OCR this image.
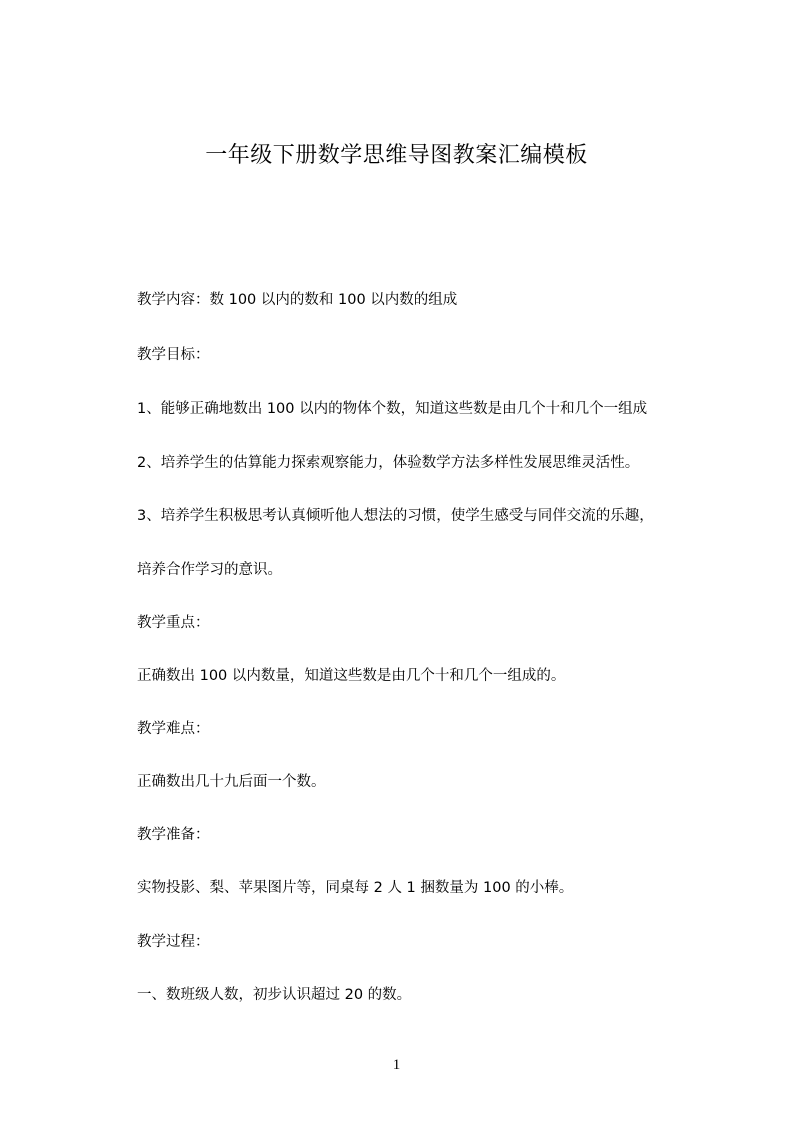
一年级下册数学思维导图教案汇编模板

教学内容：数 100 以内的数和 100 以内数的组成

教学目标：

1、能够正确地数出 100 以内的物体个数，知道这些数是由几个十和几个一组成

2、培养学生的估算能力探索观察能力，体验数学方法多样性发展思维灵活性。

3、培养学生积极思考认真倾听他人想法的习惯，使学生感受与同伴交流的乐趣，

培养合作学习的意识。

教学重点：

正确数出 100 以内数量，知道这些数是由几个十和几个一组成的。

教学难点：

正确数出几十九后面一个数。

教学准备：

实物投影、梨、苹果图片等，同桌每 2 人 1 捆数量为 100 的小棒。

教学过程：

一、数班级人数，初步认识超过 20 的数。

1
